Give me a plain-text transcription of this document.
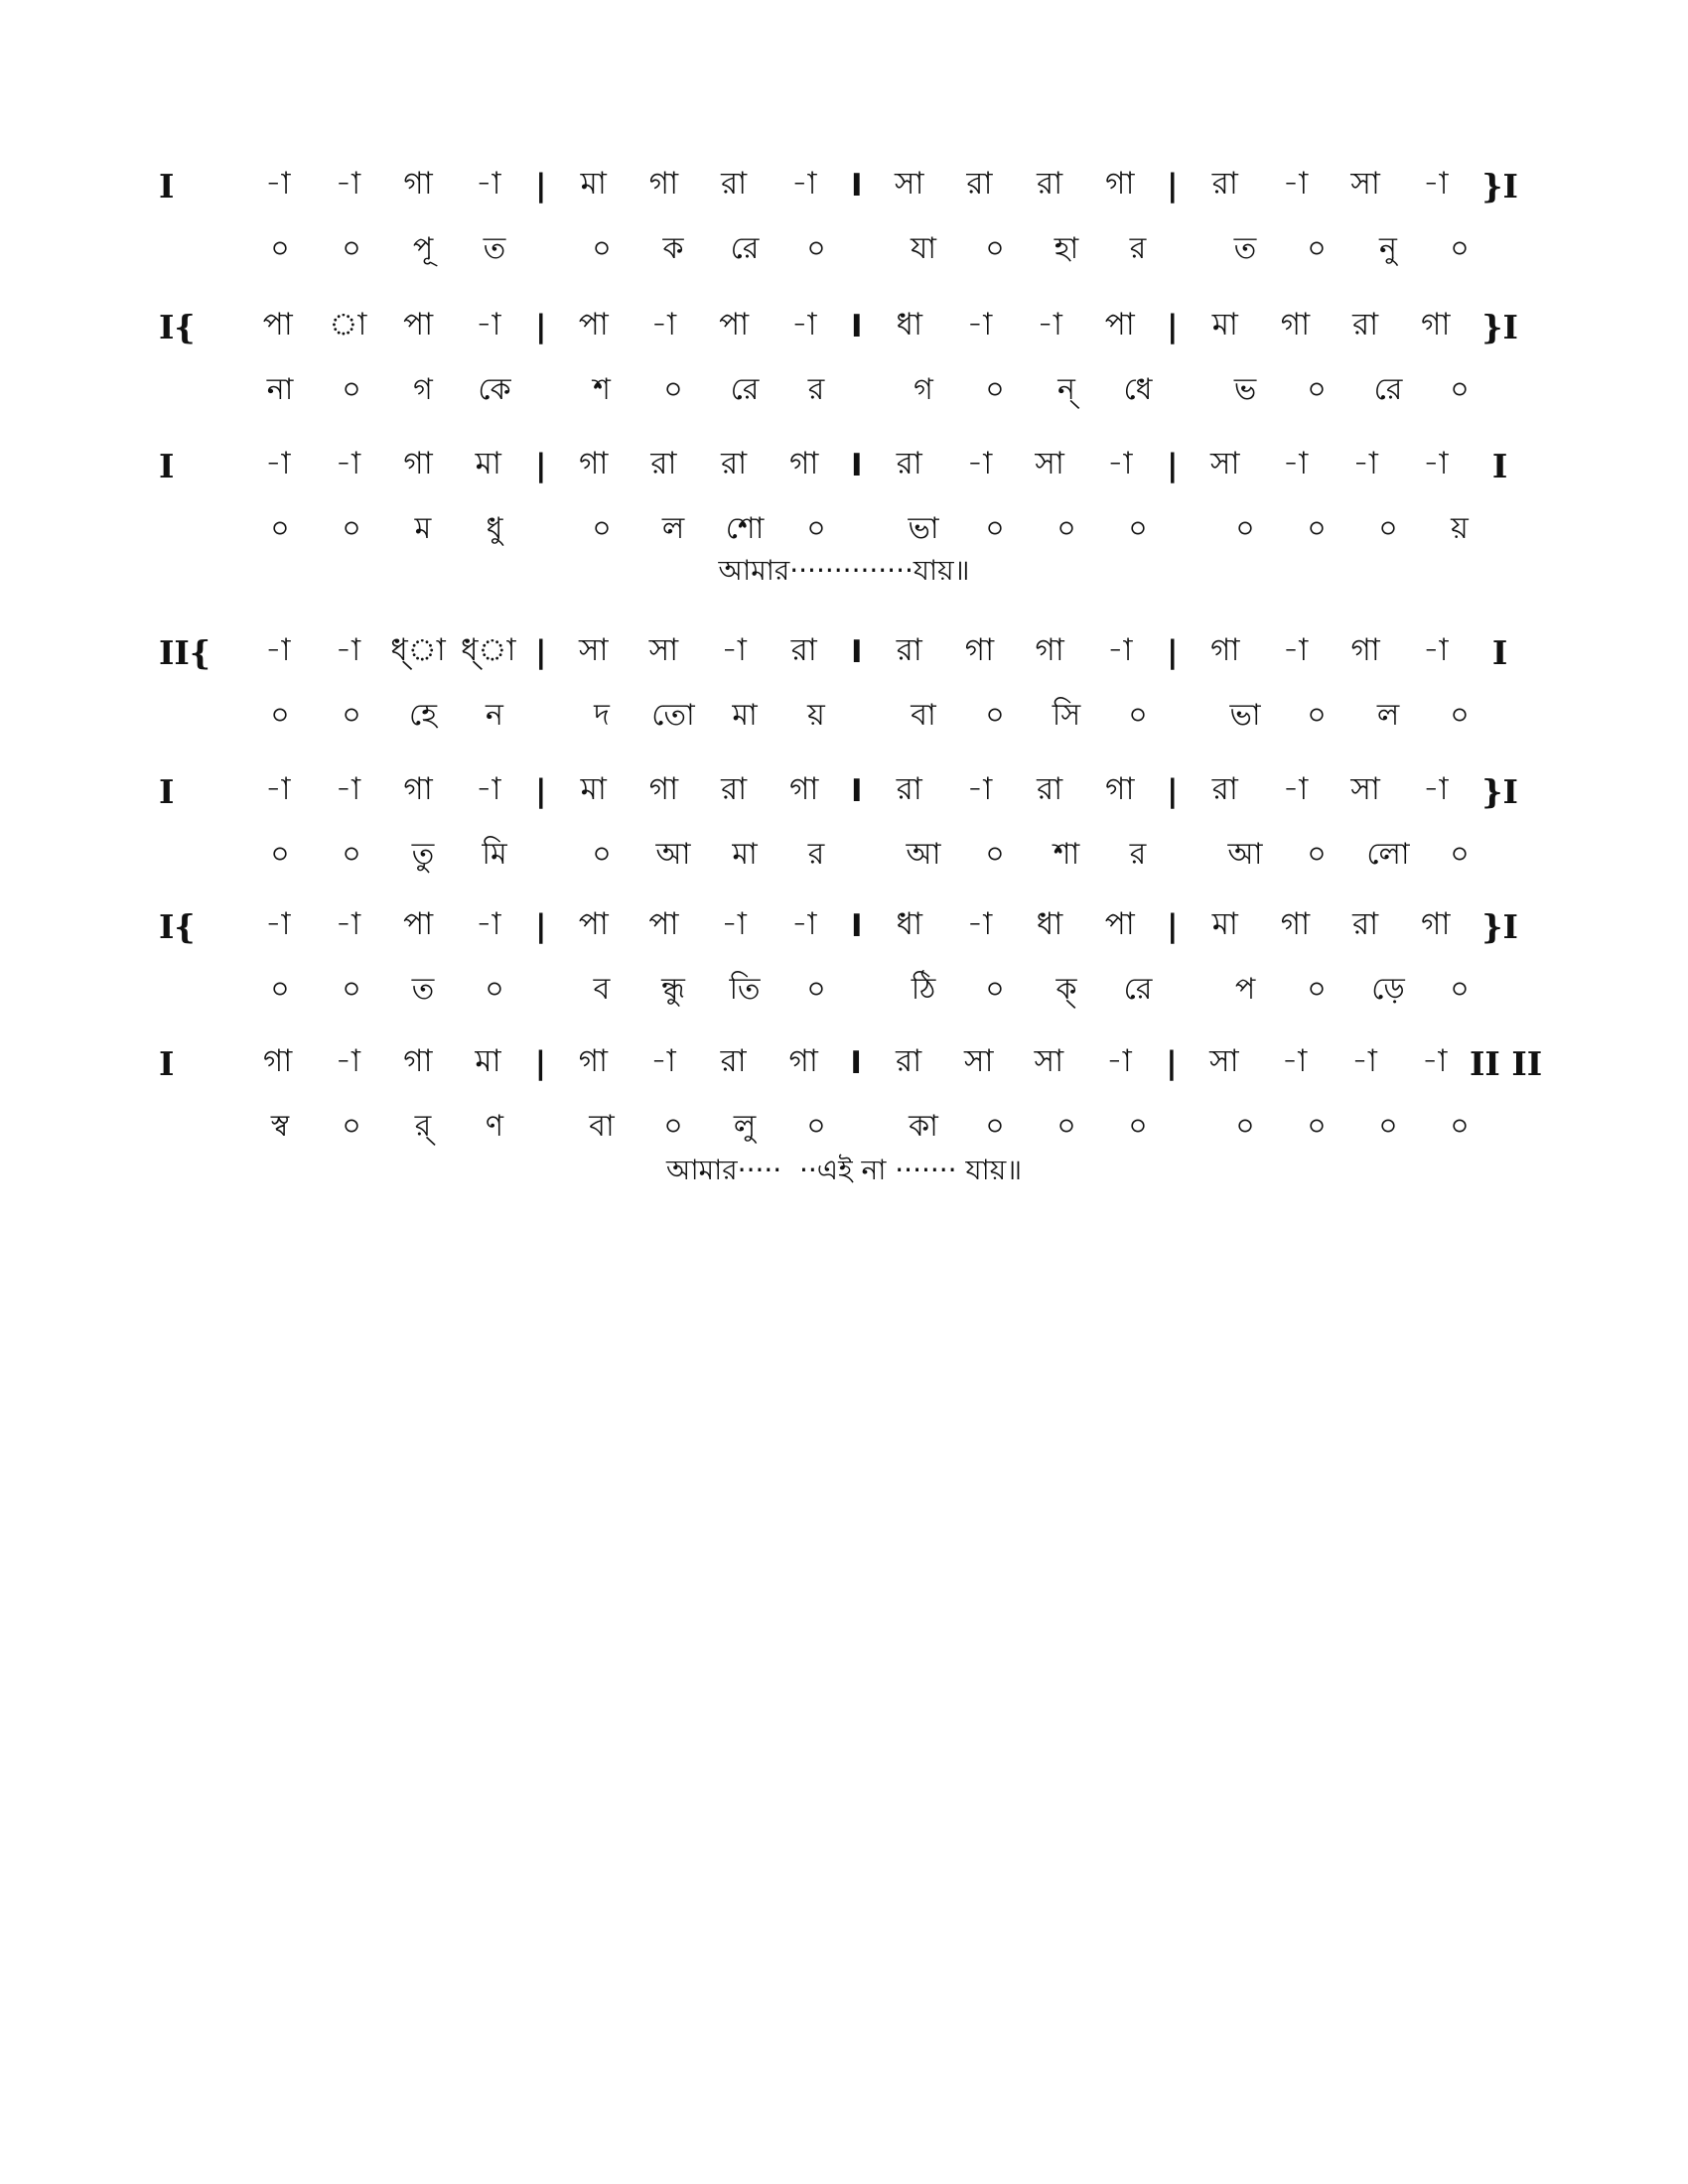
I	-া	-া	গা	-া	|	মা	গা	রা	-া	I	সা	রা	রা	গা	|	রা	-া	সা	-া	}I
০	০	পূ	ত	০	ক	রে	০	যা	০	হা	র	ত	০	নু	০
I{	পা	া	পা	-া	|	পা	-া	পা	-া	I	ধা	-া	-া	পা	|	মা	গা	রা	গা }I
না	০	গ	কে	শ	০	রে	র	গ	০	ন্	ধে	ভ	০	রে	০
I	-া	-া	গা	মা	|	গা	রা	রা	গা	I	রা	-া	সা	-া	|	সা	-া	-া	-া	I
০	০	ম	ধু	০	ল	শো	০	ভা	০	০	০	০	০	০	য়
আমার··············যায়॥
II{	-া	-া ধ্া ধ্া |	সা	সা	-া	রা	I	রা	গা	গা	-া	|	গা	-া	গা	-া	I
০	০	হে	ন	দ	তো	মা	য়	বা	০	সি	০	ভা	০	ল	০
I	-া	-া	গা	-া	|	মা	গা	রা	গা	I	রা	-া	রা	গা	|	রা	-া	সা	-া	}I
০	০	তু	মি	০	আ	মা	র	আ	০	শা	র	আ	০	লো	০
I{	-া	-া	পা	-া	|	পা	পা	-া	-া	I	ধা	-া	ধা	পা	|	মা	গা	রা	গা }I
০	০	ত	০	ব	ন্ধু	তি	০	ঠি	০	ক্	রে	প	০	ড়ে	০
I	গা	-া	গা	মা	|	গা	-া	রা	গা	I	রা	সা	সা	-া	|	সা	-া	-া	-া II II
স্ব	০	র্	ণ	বা	০	লু	০	কা	০	০	০	০	০	০	০
আমার·····  ··এই না ······· যায়॥
